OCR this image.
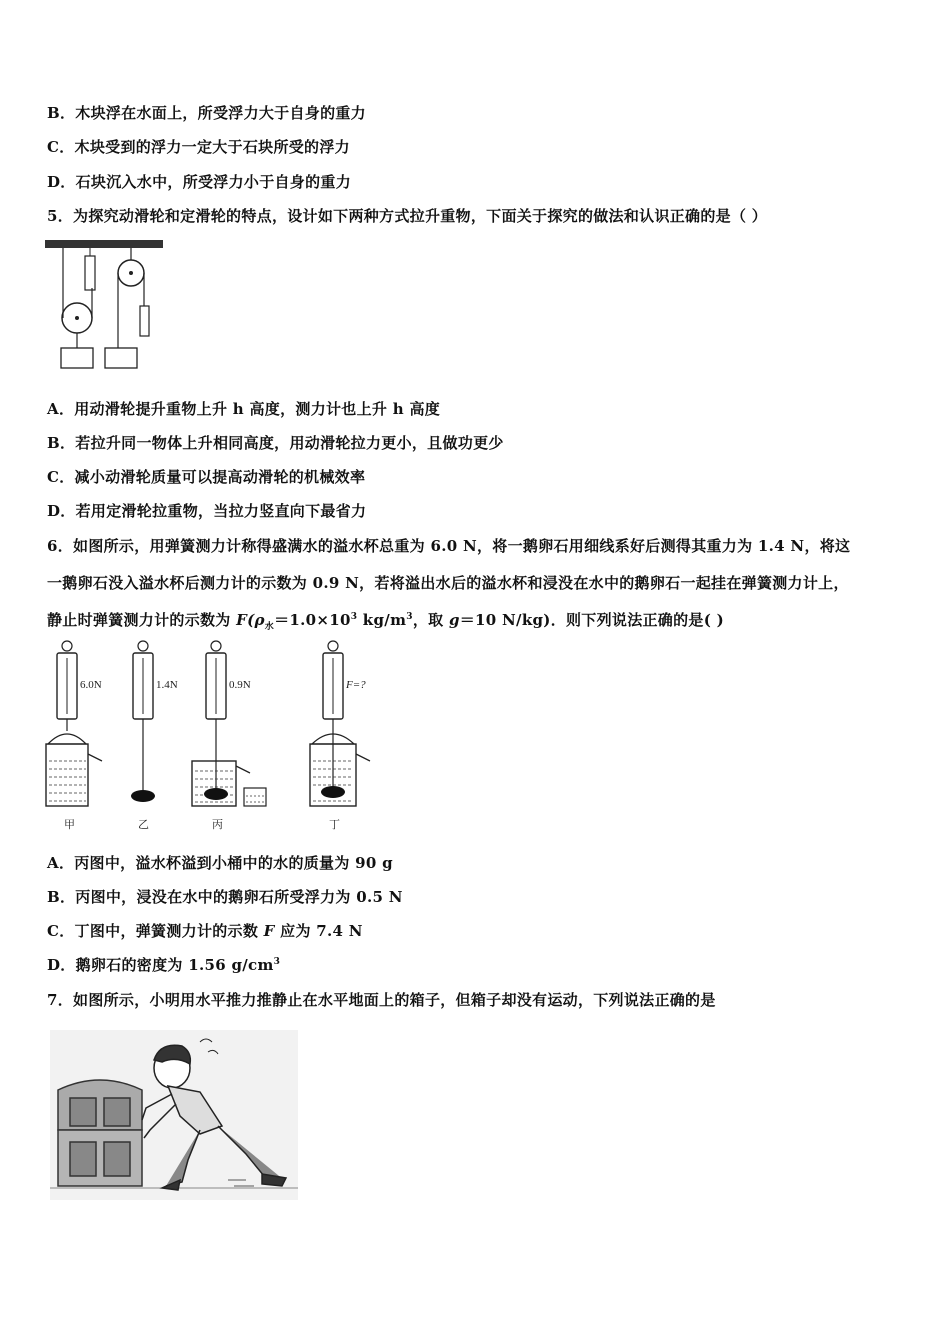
B．木块浮在水面上，所受浮力大于自身的重力
C．木块受到的浮力一定大于石块所受的浮力
D．石块沉入水中，所受浮力小于自身的重力
5．为探究动滑轮和定滑轮的特点，设计如下两种方式拉升重物，下面关于探究的做法和认识正确的是（ ）
A．用动滑轮提升重物上升 h 高度，测力计也上升 h 高度
B．若拉升同一物体上升相同高度，用动滑轮拉力更小，且做功更少
C．减小动滑轮质量可以提高动滑轮的机械效率
D．若用定滑轮拉重物，当拉力竖直向下最省力
6．如图所示，用弹簧测力计称得盛满水的溢水杯总重为 6.0 N，将一鹅卵石用细线系好后测得其重力为 1.4 N，将这
一鹅卵石没入溢水杯后测力计的示数为 0.9 N，若将溢出水后的溢水杯和浸没在水中的鹅卵石一起挂在弹簧测力计上，
静止时弹簧测力计的示数为 $F(\rho_水=1.0\times 10^3$ $kg/m^3$，取 g＝10 N/kg)．则下列说法正确的是( )
6.0N
甲
1.4N
乙
0.9N
丙
F=?
丁
A．丙图中，溢水杯溢到小桶中的水的质量为 90 g
B．丙图中，浸没在水中的鹅卵石所受浮力为 0.5 N
C．丁图中，弹簧测力计的示数 F 应为 7.4 N
D．鹅卵石的密度为 1.56 $g/cm^3$
7．如图所示，小明用水平推力推静止在水平地面上的箱子，但箱子却没有运动，下列说法正确的是
